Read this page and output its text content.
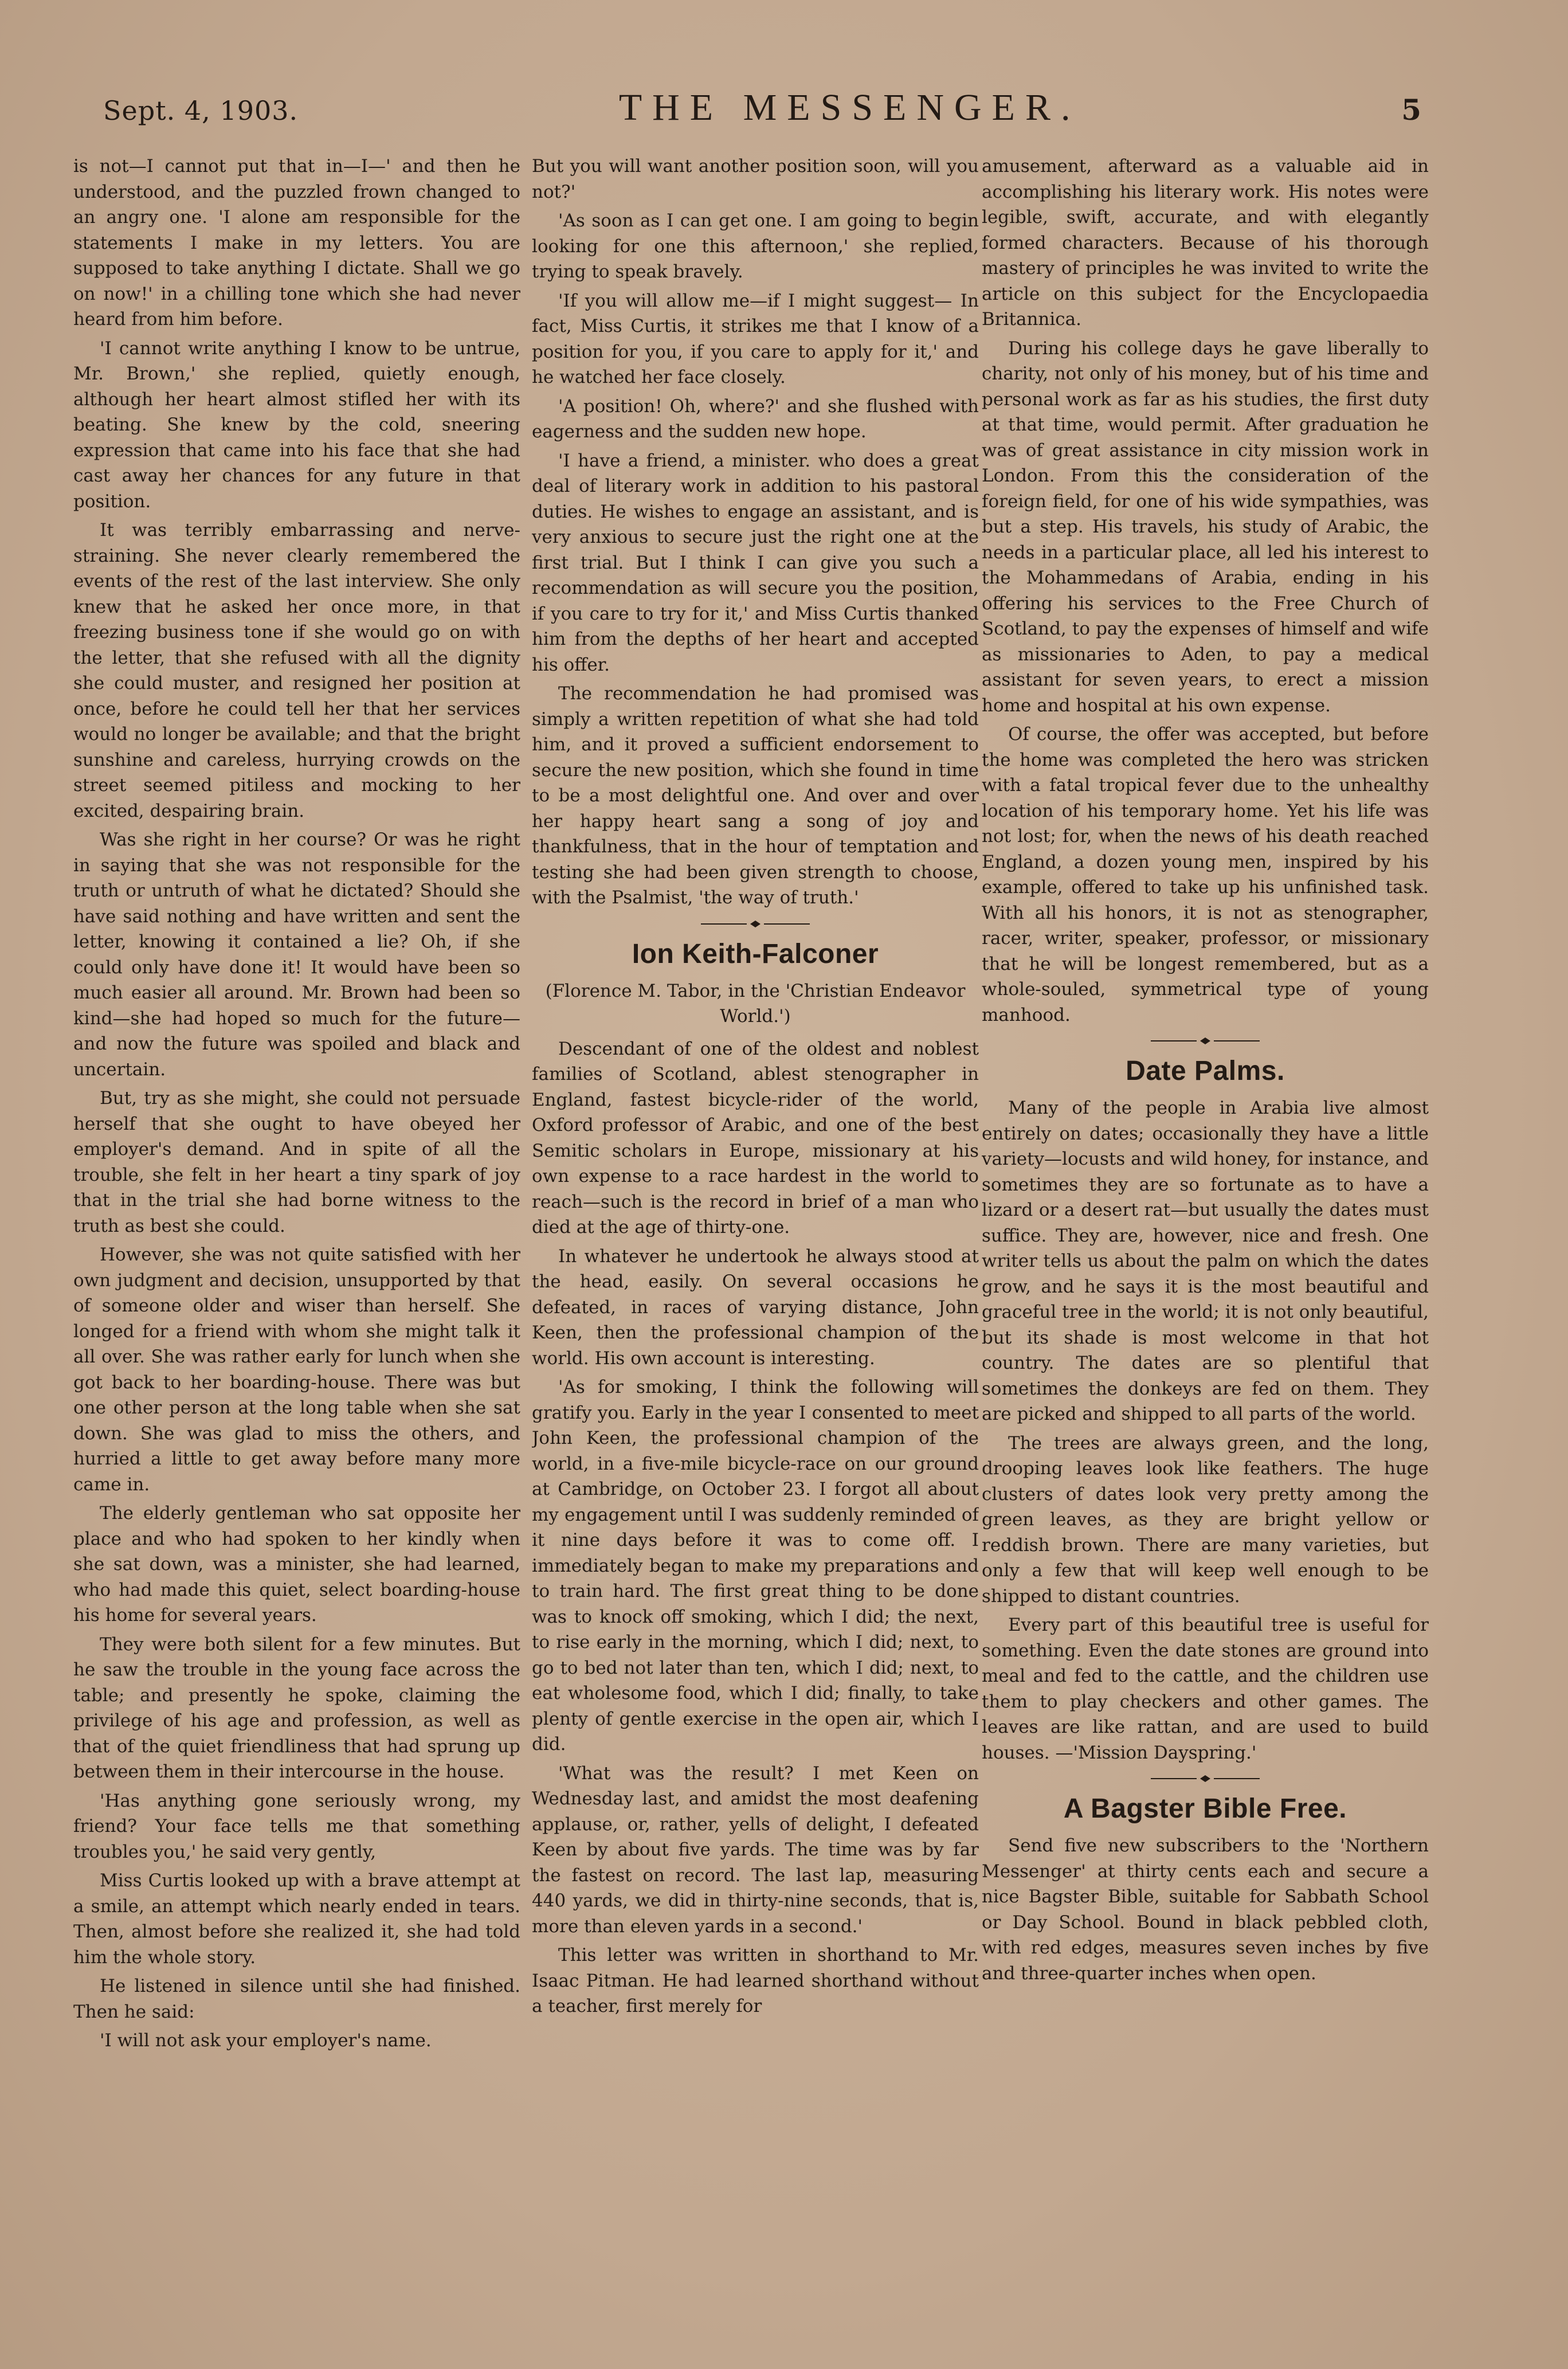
Sept. 4, 1903.	THE MESSENGER.	5

is not—I cannot put that in—I—' and then he understood, and the puzzled frown changed to an angry one. 'I alone am responsible for the statements I make in my letters. You are supposed to take anything I dictate. Shall we go on now!' in a chilling tone which she had never heard from him before.

'I cannot write anything I know to be untrue, Mr. Brown,' she replied, quietly enough, although her heart almost stifled her with its beating. She knew by the cold, sneering expression that came into his face that she had cast away her chances for any future in that position.

It was terribly embarrassing and nerve-straining. She never clearly remembered the events of the rest of the last interview. She only knew that he asked her once more, in that freezing business tone if she would go on with the letter, that she refused with all the dignity she could muster, and resigned her position at once, before he could tell her that her services would no longer be available; and that the bright sunshine and careless, hurrying crowds on the street seemed pitiless and mocking to her excited, despairing brain.

Was she right in her course? Or was he right in saying that she was not responsible for the truth or untruth of what he dictated? Should she have said nothing and have written and sent the letter, knowing it contained a lie? Oh, if she could only have done it! It would have been so much easier all around. Mr. Brown had been so kind—she had hoped so much for the future—and now the future was spoiled and black and uncertain.

But, try as she might, she could not persuade herself that she ought to have obeyed her employer's demand. And in spite of all the trouble, she felt in her heart a tiny spark of joy that in the trial she had borne witness to the truth as best she could.

However, she was not quite satisfied with her own judgment and decision, unsupported by that of someone older and wiser than herself. She longed for a friend with whom she might talk it all over. She was rather early for lunch when she got back to her boarding-house. There was but one other person at the long table when she sat down. She was glad to miss the others, and hurried a little to get away before many more came in.

The elderly gentleman who sat opposite her place and who had spoken to her kindly when she sat down, was a minister, she had learned, who had made this quiet, select boarding-house his home for several years.

They were both silent for a few minutes. But he saw the trouble in the young face across the table; and presently he spoke, claiming the privilege of his age and profession, as well as that of the quiet friendliness that had sprung up between them in their intercourse in the house.

'Has anything gone seriously wrong, my friend? Your face tells me that something troubles you,' he said very gently,

Miss Curtis looked up with a brave attempt at a smile, an attempt which nearly ended in tears. Then, almost before she realized it, she had told him the whole story.

He listened in silence until she had finished. Then he said:

'I will not ask your employer's name.

But you will want another position soon, will you not?'

'As soon as I can get one. I am going to begin looking for one this afternoon,' she replied, trying to speak bravely.

'If you will allow me—if I might suggest— In fact, Miss Curtis, it strikes me that I know of a position for you, if you care to apply for it,' and he watched her face closely.

'A position! Oh, where?' and she flushed with eagerness and the sudden new hope.

'I have a friend, a minister. who does a great deal of literary work in addition to his pastoral duties. He wishes to engage an assistant, and is very anxious to secure just the right one at the first trial. But I think I can give you such a recommendation as will secure you the position, if you care to try for it,' and Miss Curtis thanked him from the depths of her heart and accepted his offer.

The recommendation he had promised was simply a written repetition of what she had told him, and it proved a sufficient endorsement to secure the new position, which she found in time to be a most delightful one. And over and over her happy heart sang a song of joy and thankfulness, that in the hour of temptation and testing she had been given strength to choose, with the Psalmist, 'the way of truth.'

Ion Keith-Falconer

(Florence M. Tabor, in the 'Christian Endeavor World.')

Descendant of one of the oldest and noblest families of Scotland, ablest stenographer in England, fastest bicycle-rider of the world, Oxford professor of Arabic, and one of the best Semitic scholars in Europe, missionary at his own expense to a race hardest in the world to reach—such is the record in brief of a man who died at the age of thirty-one.

In whatever he undertook he always stood at the head, easily. On several occasions he defeated, in races of varying distance, John Keen, then the professional champion of the world. His own account is interesting.

'As for smoking, I think the following will gratify you. Early in the year I consented to meet John Keen, the professional champion of the world, in a five-mile bicycle-race on our ground at Cambridge, on October 23. I forgot all about my engagement until I was suddenly reminded of it nine days before it was to come off. I immediately began to make my preparations and to train hard. The first great thing to be done was to knock off smoking, which I did; the next, to rise early in the morning, which I did; next, to go to bed not later than ten, which I did; next, to eat wholesome food, which I did; finally, to take plenty of gentle exercise in the open air, which I did.

'What was the result? I met Keen on Wednesday last, and amidst the most deafening applause, or, rather, yells of delight, I defeated Keen by about five yards. The time was by far the fastest on record. The last lap, measuring 440 yards, we did in thirty-nine seconds, that is, more than eleven yards in a second.'

This letter was written in shorthand to Mr. Isaac Pitman. He had learned shorthand without a teacher, first merely for

amusement, afterward as a valuable aid in accomplishing his literary work. His notes were legible, swift, accurate, and with elegantly formed characters. Because of his thorough mastery of principles he was invited to write the article on this subject for the Encyclopaedia Britannica.

During his college days he gave liberally to charity, not only of his money, but of his time and personal work as far as his studies, the first duty at that time, would permit. After graduation he was of great assistance in city mission work in London. From this the consideration of the foreign field, for one of his wide sympathies, was but a step. His travels, his study of Arabic, the needs in a particular place, all led his interest to the Mohammedans of Arabia, ending in his offering his services to the Free Church of Scotland, to pay the expenses of himself and wife as missionaries to Aden, to pay a medical assistant for seven years, to erect a mission home and hospital at his own expense.

Of course, the offer was accepted, but before the home was completed the hero was stricken with a fatal tropical fever due to the unhealthy location of his temporary home. Yet his life was not lost; for, when the news of his death reached England, a dozen young men, inspired by his example, offered to take up his unfinished task. With all his honors, it is not as stenographer, racer, writer, speaker, professor, or missionary that he will be longest remembered, but as a whole-souled, symmetrical type of young manhood.

Date Palms.

Many of the people in Arabia live almost entirely on dates; occasionally they have a little variety—locusts and wild honey, for instance, and sometimes they are so fortunate as to have a lizard or a desert rat—but usually the dates must suffice. They are, however, nice and fresh. One writer tells us about the palm on which the dates grow, and he says it is the most beautiful and graceful tree in the world; it is not only beautiful, but its shade is most welcome in that hot country. The dates are so plentiful that sometimes the donkeys are fed on them. They are picked and shipped to all parts of the world.

The trees are always green, and the long, drooping leaves look like feathers. The huge clusters of dates look very pretty among the green leaves, as they are bright yellow or reddish brown. There are many varieties, but only a few that will keep well enough to be shipped to distant countries.

Every part of this beautiful tree is useful for something. Even the date stones are ground into meal and fed to the cattle, and the children use them to play checkers and other games. The leaves are like rattan, and are used to build houses. —'Mission Dayspring.'

A Bagster Bible Free.

Send five new subscribers to the 'Northern Messenger' at thirty cents each and secure a nice Bagster Bible, suitable for Sabbath School or Day School. Bound in black pebbled cloth, with red edges, measures seven inches by five and three-quarter inches when open.
